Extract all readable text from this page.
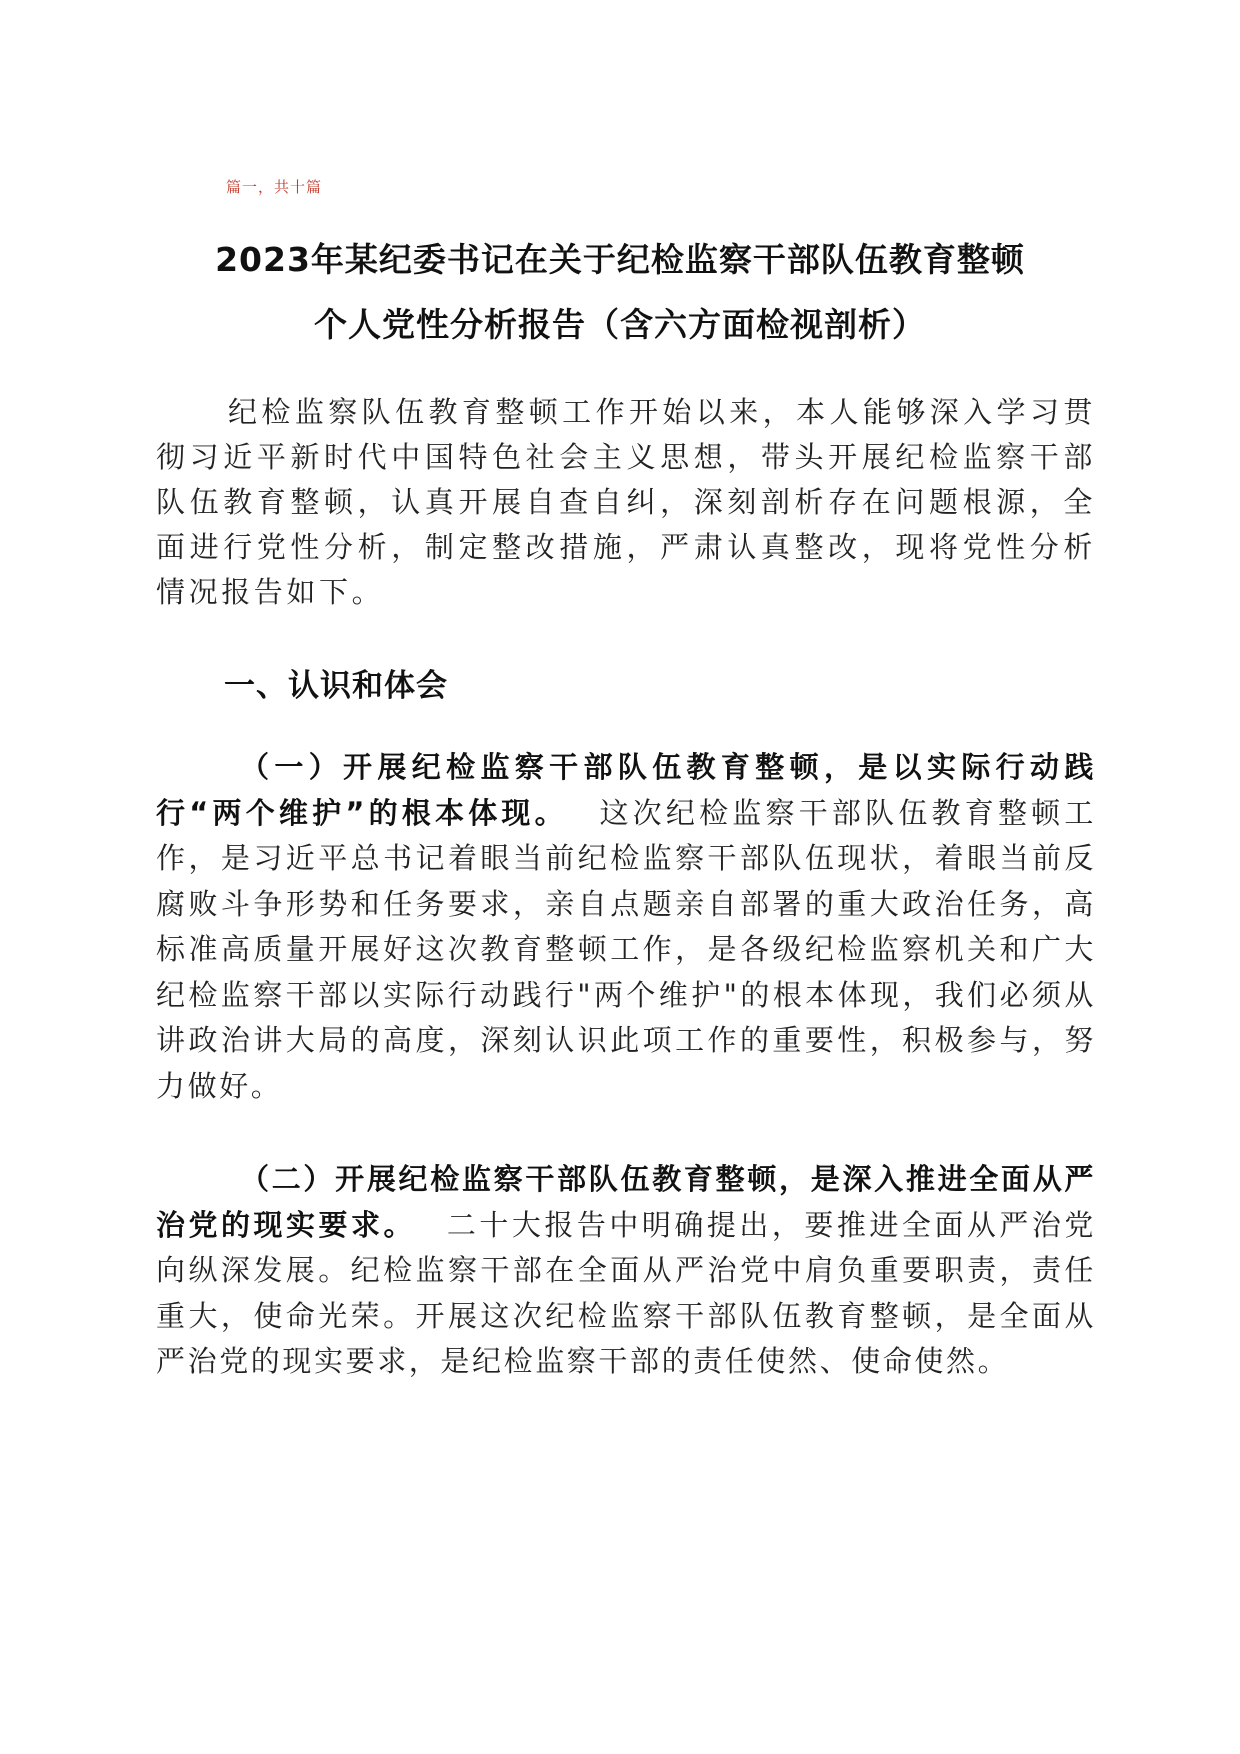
篇一，共十篇
2023年某纪委书记在关于纪检监察干部队伍教育整顿
个人党性分析报告（含六方面检视剖析）
纪检监察队伍教育整顿工作开始以来，本人能够深入学习贯彻习近平新时代中国特色社会主义思想，带头开展纪检监察干部队伍教育整顿，认真开展自查自纠，深刻剖析存在问题根源，全面进行党性分析，制定整改措施，严肃认真整改，现将党性分析情况报告如下。
一、认识和体会
（一）开展纪检监察干部队伍教育整顿，是以实际行动践行“两个维护”的根本体现。 这次纪检监察干部队伍教育整顿工作，是习近平总书记着眼当前纪检监察干部队伍现状，着眼当前反腐败斗争形势和任务要求，亲自点题亲自部署的重大政治任务，高标准高质量开展好这次教育整顿工作，是各级纪检监察机关和广大纪检监察干部以实际行动践行"两个维护"的根本体现，我们必须从讲政治讲大局的高度，深刻认识此项工作的重要性，积极参与，努力做好。
（二）开展纪检监察干部队伍教育整顿，是深入推进全面从严治党的现实要求。 二十大报告中明确提出，要推进全面从严治党向纵深发展。纪检监察干部在全面从严治党中肩负重要职责，责任重大，使命光荣。开展这次纪检监察干部队伍教育整顿，是全面从严治党的现实要求，是纪检监察干部的责任使然、使命使然。
